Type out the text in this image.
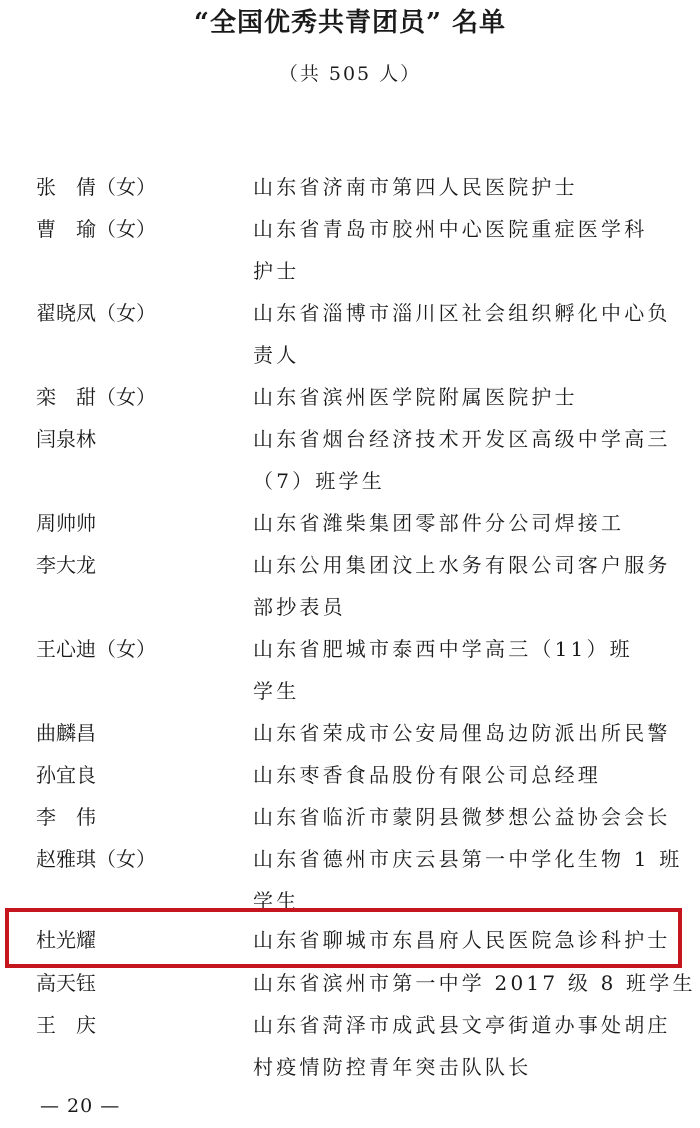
“全国优秀共青团员” 名单
（共 505 人）
张　倩（女）	山东省济南市第四人民医院护士
曹　瑜（女）	山东省青岛市胶州中心医院重症医学科
护士
翟晓凤（女）	山东省淄博市淄川区社会组织孵化中心负
责人
栾　甜（女）	山东省滨州医学院附属医院护士
闫泉林	山东省烟台经济技术开发区高级中学高三
（7）班学生
周帅帅	山东省潍柴集团零部件分公司焊接工
李大龙	山东公用集团汶上水务有限公司客户服务
部抄表员
王心迪（女）	山东省肥城市泰西中学高三（11）班
学生
曲麟昌	山东省荣成市公安局俚岛边防派出所民警
孙宜良	山东枣香食品股份有限公司总经理
李　伟	山东省临沂市蒙阴县微梦想公益协会会长
赵雅琪（女）	山东省德州市庆云县第一中学化生物 1 班
学生
杜光耀	山东省聊城市东昌府人民医院急诊科护士
高天钰	山东省滨州市第一中学 2017 级 8 班学生
王　庆	山东省菏泽市成武县文亭街道办事处胡庄
村疫情防控青年突击队队长
— 20 —
